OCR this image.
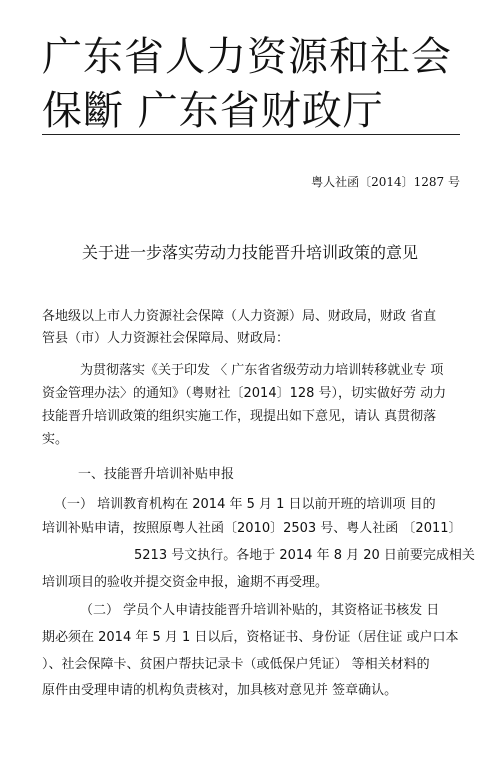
广东省人力资源和社会
保斷 广东省财政厅
粤人社函〔2014〕1287 号
关于进一步落实劳动力技能晋升培训政策的意见
各地级以上市人力资源社会保障（人力资源）局、财政局，财政 省直
管县（市）人力资源社会保障局、财政局：
为贯彻落实《关于印发 〈 广东省省级劳动力培训转移就业专 项
资金管理办法〉的通知》（粤财社〔2014〕128 号），切实做好劳 动力
技能晋升培训政策的组织实施工作，现提出如下意见，请认 真贯彻落
实。
一、技能晋升培训补贴申报
（一） 培训教育机构在 2014 年 5 月 1 日以前开班的培训项 目的
培训补贴申请，按照原粤人社函〔2010〕2503 号、粤人社函 〔2011〕
5213 号文执行。各地于 2014 年 8 月 20 日前要完成相关
培训项目的验收并提交资金申报，逾期不再受理。
（二） 学员个人申请技能晋升培训补贴的，其资格证书核发 日
期必须在 2014 年 5 月 1 日以后，资格证书、身份证（居住证 或户口本
）、社会保障卡、贫困户帮扶记录卡（或低保户凭证） 等相关材料的
原件由受理申请的机构负责核对，加具核对意见并 签章确认。
